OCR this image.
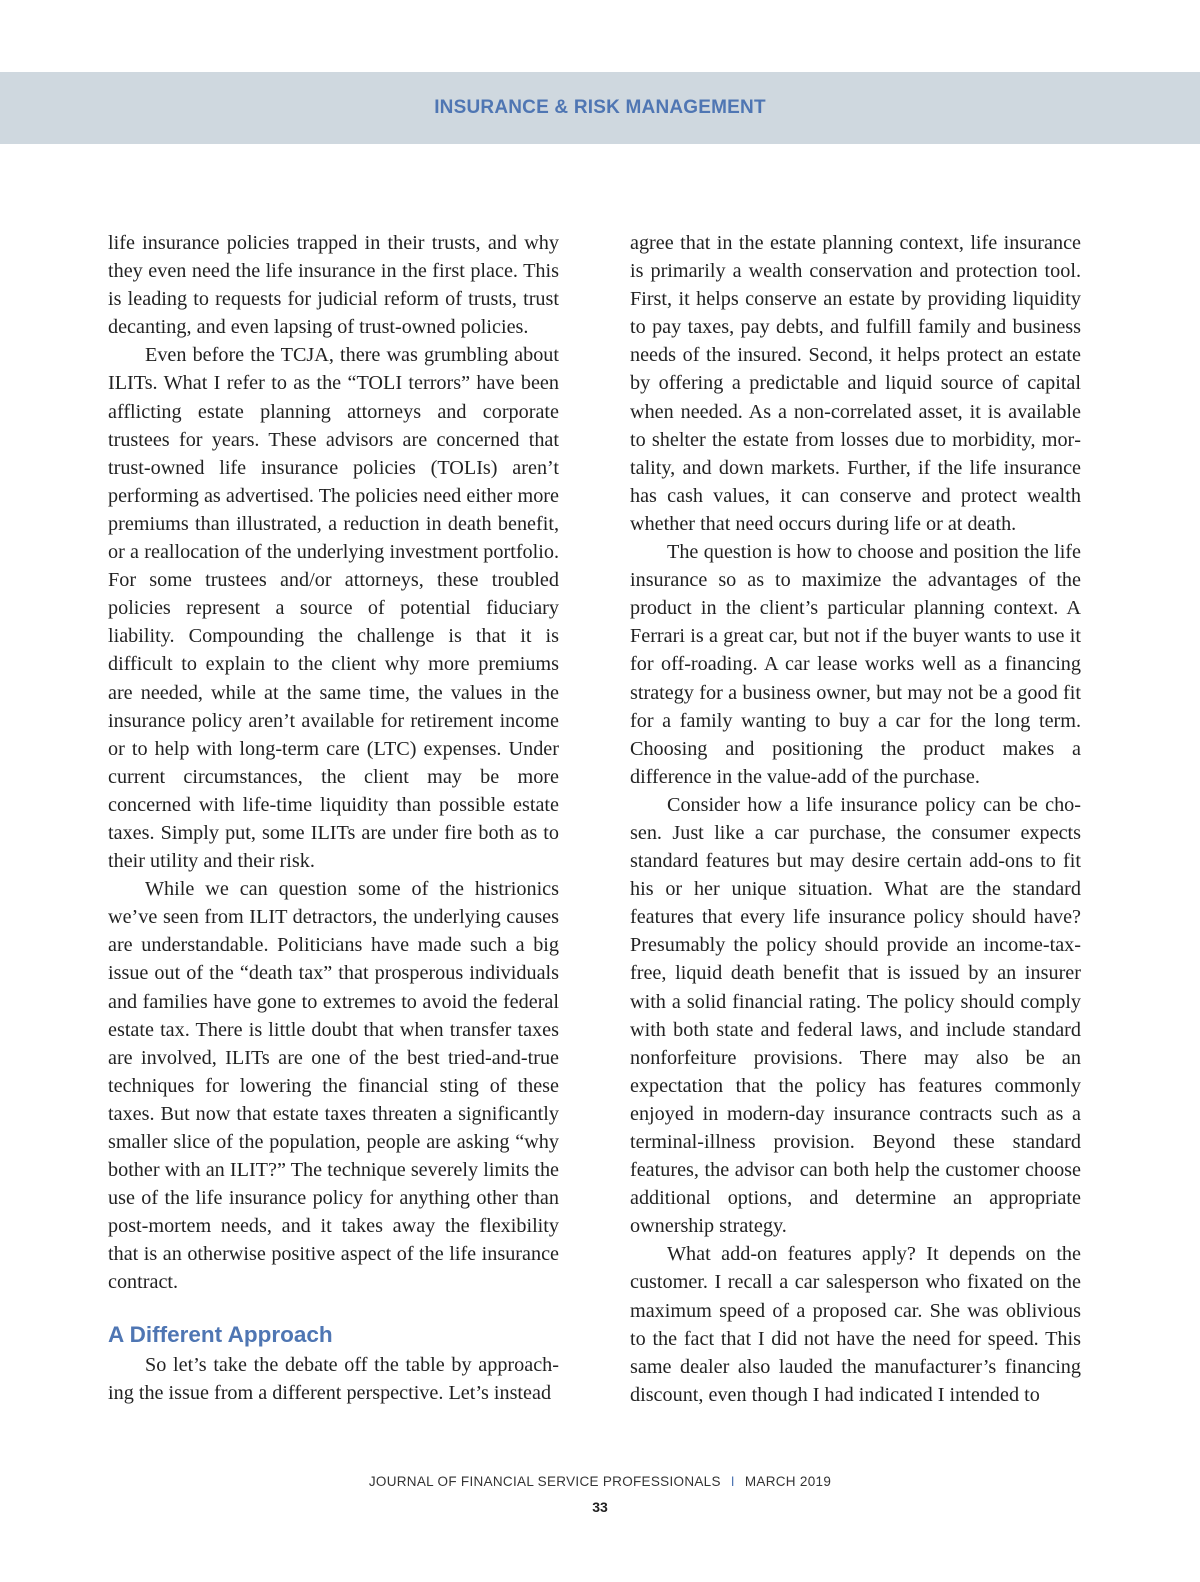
INSURANCE & RISK MANAGEMENT

life insurance policies trapped in their trusts, and why they even need the life insurance in the first place. This is leading to requests for judicial reform of trusts, trust decanting, and even lapsing of trust-owned policies.

Even before the TCJA, there was grumbling about ILITs. What I refer to as the “TOLI terrors” have been afflicting estate planning attorneys and corporate trustees for years. These advisors are concerned that trust-owned life insurance policies (TOLIs) aren’t performing as advertised. The policies need either more premiums than illustrated, a reduction in death benefit, or a reallocation of the underlying investment portfolio. For some trustees and/or attorneys, these troubled policies represent a source of potential fiduciary liability. Compounding the challenge is that it is difficult to explain to the client why more premiums are needed, while at the same time, the values in the insurance policy aren’t available for retirement income or to help with long-term care (LTC) expenses. Under current circumstances, the client may be more concerned with life-time liquidity than possible estate taxes. Simply put, some ILITs are under fire both as to their utility and their risk.

While we can question some of the histrionics we’ve seen from ILIT detractors, the underlying causes are understandable. Politicians have made such a big issue out of the “death tax” that prosperous individuals and families have gone to extremes to avoid the federal estate tax. There is little doubt that when transfer taxes are involved, ILITs are one of the best tried-and-true techniques for lowering the financial sting of these taxes. But now that estate taxes threaten a significantly smaller slice of the population, people are asking “why bother with an ILIT?” The technique severely limits the use of the life insurance policy for anything other than post-mortem needs, and it takes away the flexibility that is an otherwise positive aspect of the life insurance contract.

A Different Approach

So let’s take the debate off the table by approaching the issue from a different perspective. Let’s instead

agree that in the estate planning context, life insurance is primarily a wealth conservation and protection tool. First, it helps conserve an estate by providing liquidity to pay taxes, pay debts, and fulfill family and business needs of the insured. Second, it helps protect an estate by offering a predictable and liquid source of capital when needed. As a non-correlated asset, it is available to shelter the estate from losses due to morbidity, mortality, and down markets. Further, if the life insurance has cash values, it can conserve and protect wealth whether that need occurs during life or at death.

The question is how to choose and position the life insurance so as to maximize the advantages of the product in the client’s particular planning context. A Ferrari is a great car, but not if the buyer wants to use it for off-roading. A car lease works well as a financing strategy for a business owner, but may not be a good fit for a family wanting to buy a car for the long term. Choosing and positioning the product makes a difference in the value-add of the purchase.

Consider how a life insurance policy can be chosen. Just like a car purchase, the consumer expects standard features but may desire certain add-ons to fit his or her unique situation. What are the standard features that every life insurance policy should have? Presumably the policy should provide an income-tax-free, liquid death benefit that is issued by an insurer with a solid financial rating. The policy should comply with both state and federal laws, and include standard nonforfeiture provisions. There may also be an expectation that the policy has features commonly enjoyed in modern-day insurance contracts such as a terminal-illness provision. Beyond these standard features, the advisor can both help the customer choose additional options, and determine an appropriate ownership strategy.

What add-on features apply? It depends on the customer. I recall a car salesperson who fixated on the maximum speed of a proposed car. She was oblivious to the fact that I did not have the need for speed. This same dealer also lauded the manufacturer’s financing discount, even though I had indicated I intended to

JOURNAL OF FINANCIAL SERVICE PROFESSIONALS I MARCH 2019
33
